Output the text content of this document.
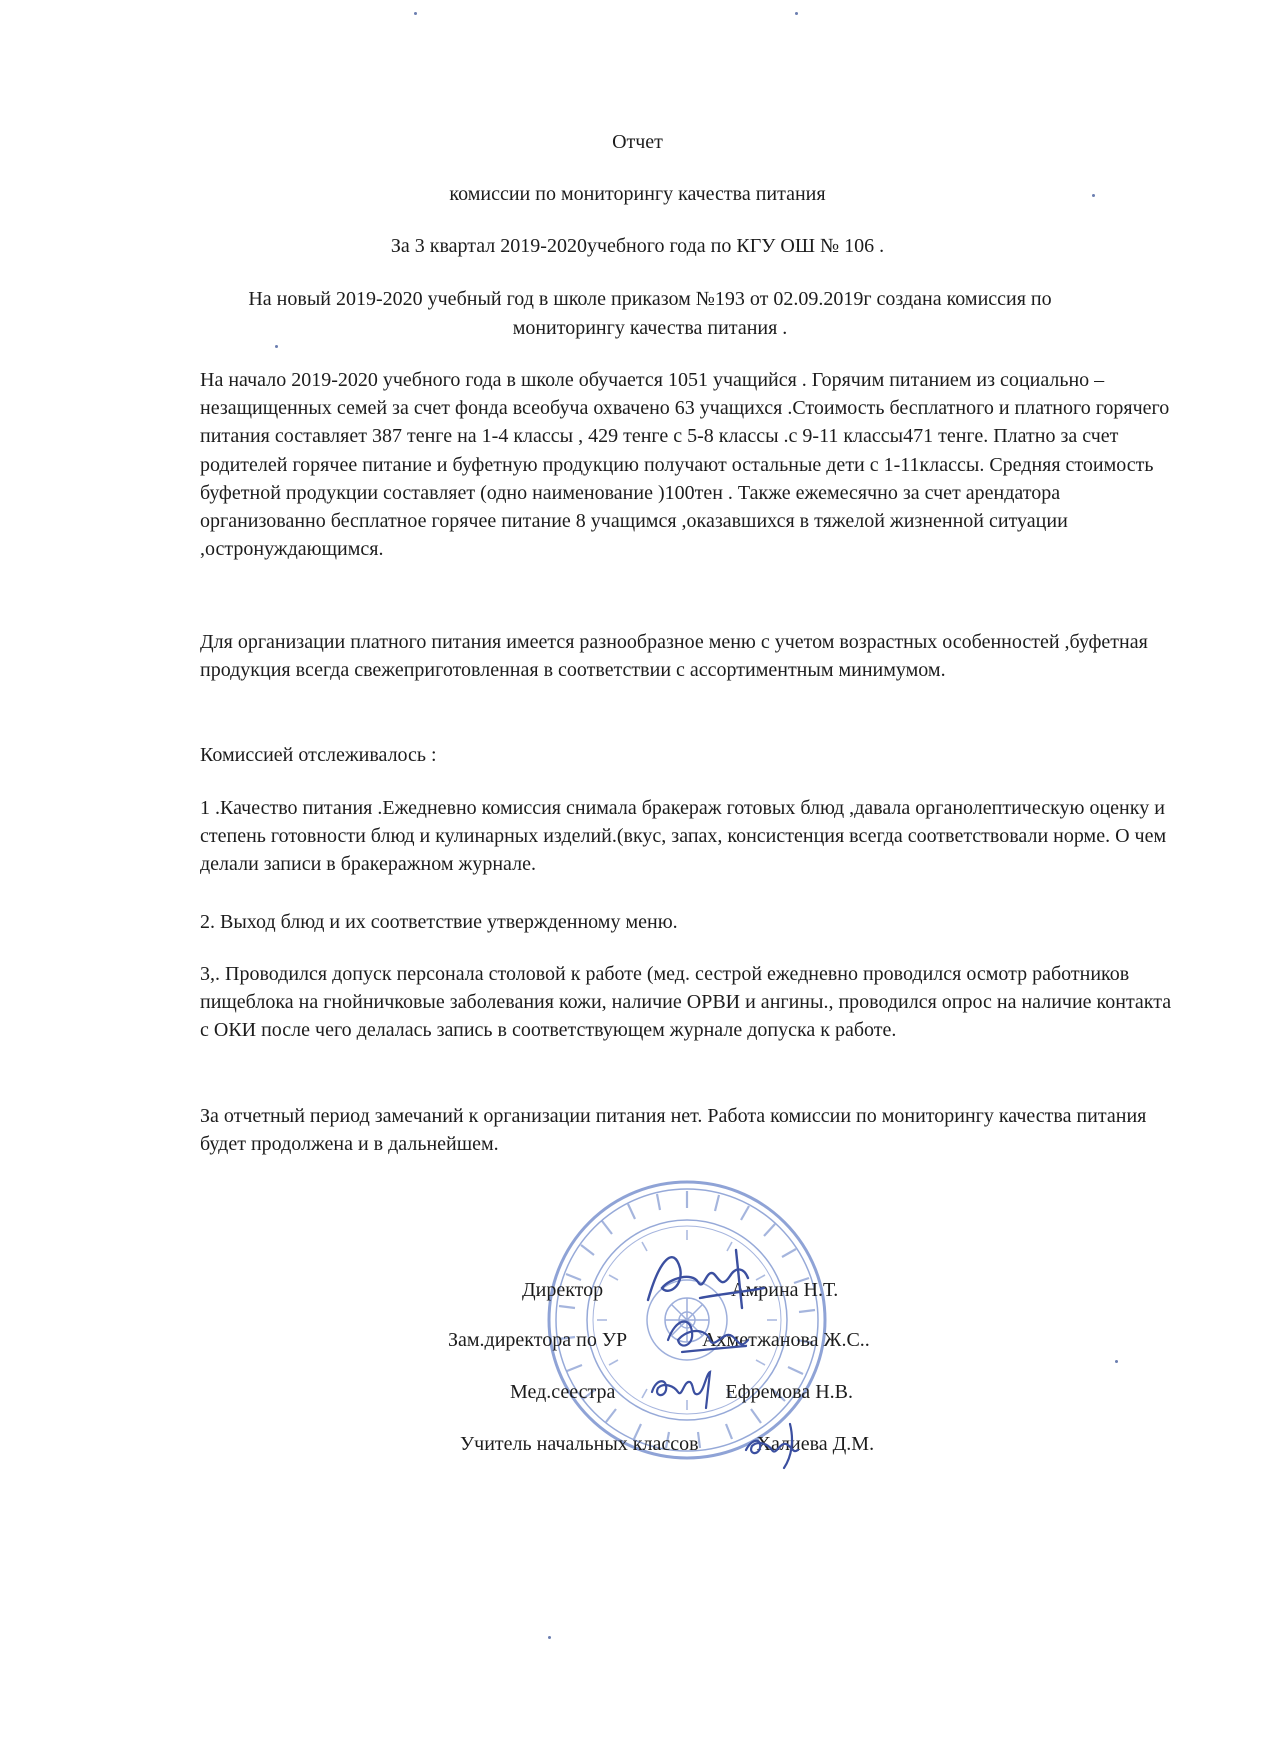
Отчет
комиссии по мониторингу качества питания
За 3 квартал 2019-2020учебного года по КГУ ОШ № 106 .
На новый 2019-2020 учебный год в школе приказом №193 от 02.09.2019г создана комиссия по
мониторингу качества питания .
На начало 2019-2020 учебного года в школе обучается 1051 учащийся . Горячим питанием из социально –незащищенных семей за счет фонда всеобуча охвачено 63 учащихся .Стоимость бесплатного и платного горячего питания составляет 387 тенге на 1-4 классы , 429 тенге с 5-8 классы .с 9-11 классы471 тенге. Платно за счет родителей горячее питание и буфетную продукцию получают остальные дети с 1-11классы. Средняя стоимость буфетной продукции составляет (одно наименование )100тен . Также ежемесячно за счет арендатора организованно бесплатное горячее питание 8 учащимся ,оказавшихся в тяжелой жизненной ситуации ,остронуждающимся.
Для организации платного питания имеется разнообразное меню с учетом возрастных особенностей ,буфетная продукция всегда свежеприготовленная в соответствии с ассортиментным минимумом.
Комиссией отслеживалось :
1 .Качество питания .Ежедневно комиссия снимала бракераж готовых блюд ,давала органолептическую оценку и степень готовности блюд и кулинарных изделий.(вкус, запах, консистенция всегда соответствовали норме. О чем делали записи в бракеражном журнале.
2. Выход блюд и их соответствие утвержденному меню.
3,. Проводился допуск персонала столовой к работе (мед. сестрой ежедневно проводился осмотр работников пищеблока на гнойничковые заболевания кожи, наличие ОРВИ и ангины., проводился опрос на наличие контакта с ОКИ после чего делалась запись в соответствующем журнале допуска к работе.
За отчетный период замечаний к организации питания нет. Работа комиссии по мониторингу качества питания будет продолжена и в дальнейшем.
Директор	Амрина Н.Т.
Зам.директора по УР	Ахметжанова Ж.С..
Мед.сеестра	Ефремова Н.В.
Учитель начальных классов	Халиева Д.М.
